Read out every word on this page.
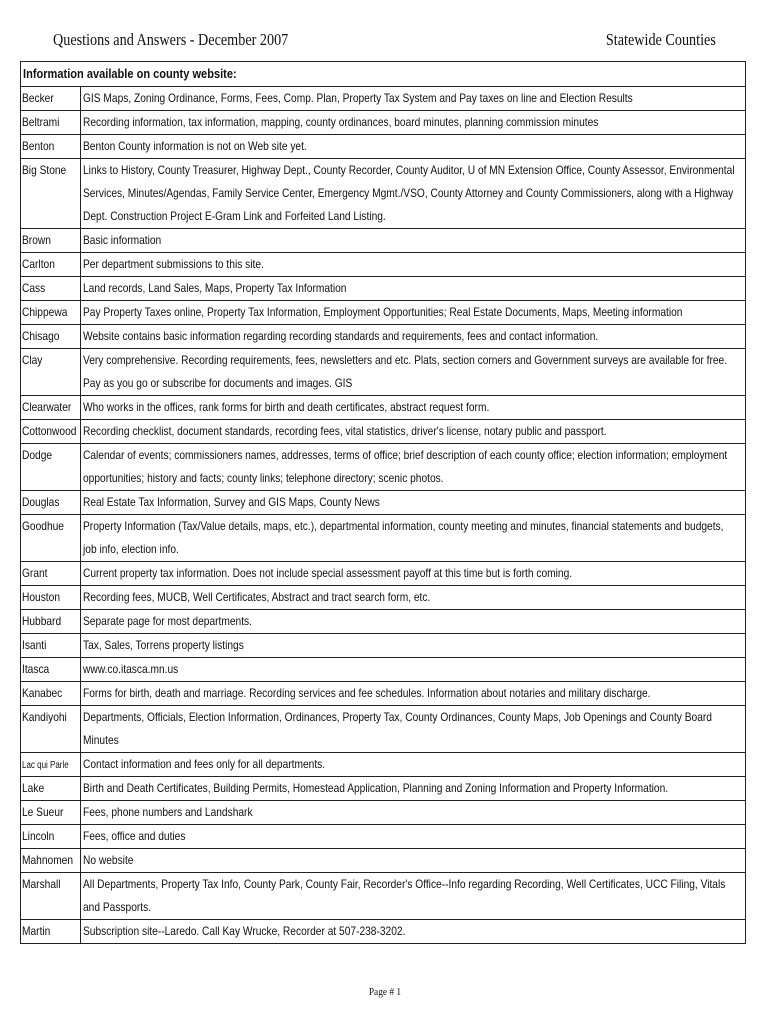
Questions and Answers - December 2007	Statewide Counties
Information available on county website:
Becker	GIS Maps, Zoning Ordinance, Forms, Fees, Comp. Plan, Property Tax System and Pay taxes on line and Election Results
Beltrami	Recording information, tax information, mapping, county ordinances, board minutes, planning commission minutes
Benton	Benton County information is not on Web site yet.
Big Stone	Links to History, County Treasurer, Highway Dept., County Recorder, County Auditor, U of MN Extension Office, County Assessor, Environmental Services, Minutes/Agendas, Family Service Center, Emergency Mgmt./VSO, County Attorney and County Commissioners, along with a Highway Dept. Construction Project E-Gram Link and Forfeited Land Listing.
Brown	Basic information
Carlton	Per department submissions to this site.
Cass	Land records, Land Sales, Maps, Property Tax Information
Chippewa	Pay Property Taxes online, Property Tax Information, Employment Opportunities; Real Estate Documents, Maps, Meeting information
Chisago	Website contains basic information regarding recording standards and requirements, fees and contact information.
Clay	Very comprehensive. Recording requirements, fees, newsletters and etc. Plats, section corners and Government surveys are available for free. Pay as you go or subscribe for documents and images. GIS
Clearwater Who works in the offices, rank forms for birth and death certificates, abstract request form.
Cottonwood Recording checklist, document standards, recording fees, vital statistics, driver's license, notary public and passport.
Dodge	Calendar of events; commissioners names, addresses, terms of office; brief description of each county office; election information; employment opportunities; history and facts; county links; telephone directory; scenic photos.
Douglas	Real Estate Tax Information, Survey and GIS Maps, County News
Goodhue	Property Information (Tax/Value details, maps, etc.), departmental information, county meeting and minutes, financial statements and budgets, job info, election info.
Grant	Current property tax information. Does not include special assessment payoff at this time but is forth coming.
Houston	Recording fees, MUCB, Well Certificates, Abstract and tract search form, etc.
Hubbard	Separate page for most departments.
Isanti	Tax, Sales, Torrens property listings
Itasca	www.co.itasca.mn.us
Kanabec	Forms for birth, death and marriage. Recording services and fee schedules. Information about notaries and military discharge.
Kandiyohi	Departments, Officials, Election Information, Ordinances, Property Tax, County Ordinances, County Maps, Job Openings and County Board Minutes
Lac qui Parle	Contact information and fees only for all departments.
Lake	Birth and Death Certificates, Building Permits, Homestead Application, Planning and Zoning Information and Property Information.
Le Sueur	Fees, phone numbers and Landshark
Lincoln	Fees, office and duties
Mahnomen No website
Marshall	All Departments, Property Tax Info, County Park, County Fair, Recorder's Office--Info regarding Recording, Well Certificates, UCC Filing, Vitals and Passports.
Martin	Subscription site--Laredo. Call Kay Wrucke, Recorder at 507-238-3202.
Page # 1
